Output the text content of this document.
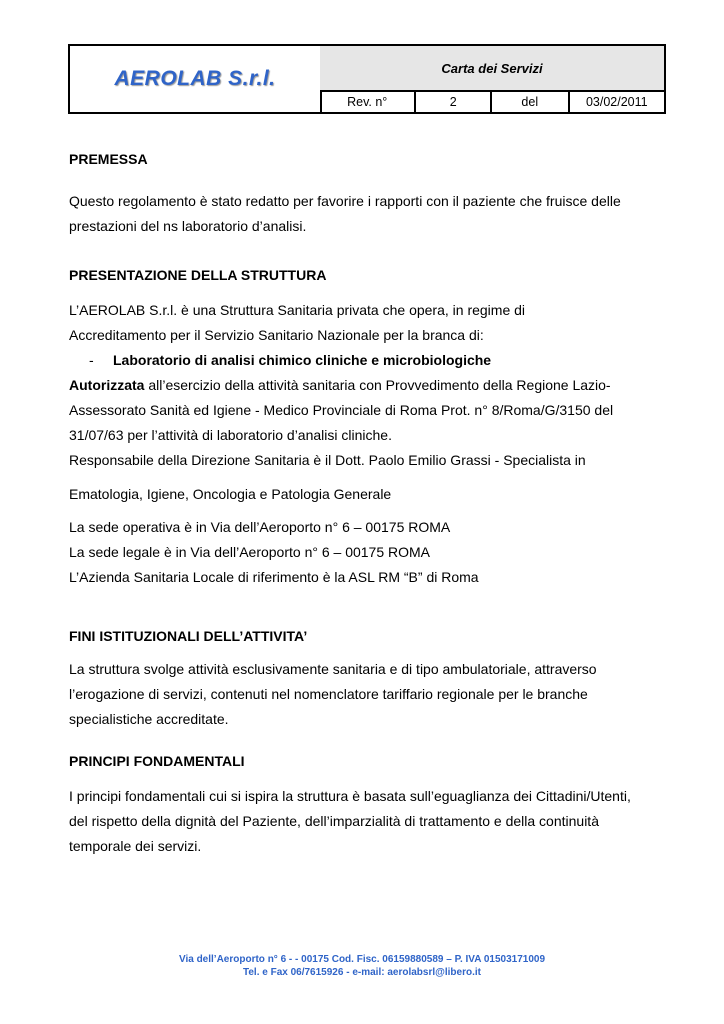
AEROLAB S.r.l.	Carta dei Servizi
Rev. n°	2	del	03/02/2011
PREMESSA
Questo regolamento è stato redatto per favorire i rapporti con il paziente che fruisce delle
prestazioni del ns laboratorio d’analisi.
PRESENTAZIONE DELLA STRUTTURA
L’AEROLAB S.r.l. è una Struttura Sanitaria privata che opera, in regime di
Accreditamento per il Servizio Sanitario Nazionale per la branca di:
- Laboratorio di analisi chimico cliniche e microbiologiche
Autorizzata all’esercizio della attività sanitaria con Provvedimento della Regione Lazio-
Assessorato Sanità ed Igiene - Medico Provinciale di Roma Prot. n° 8/Roma/G/3150 del
31/07/63 per l’attività di laboratorio d’analisi cliniche.
Responsabile della Direzione Sanitaria è il Dott. Paolo Emilio Grassi - Specialista in
Ematologia, Igiene, Oncologia e Patologia Generale
La sede operativa è in Via dell’Aeroporto n° 6 – 00175 ROMA
La sede legale è in Via dell’Aeroporto n° 6 – 00175 ROMA
L’Azienda Sanitaria Locale di riferimento è la ASL RM “B” di Roma
FINI ISTITUZIONALI DELL’ATTIVITA’
La struttura svolge attività esclusivamente sanitaria e di tipo ambulatoriale, attraverso
l’erogazione di servizi, contenuti nel nomenclatore tariffario regionale per le branche
specialistiche accreditate.
PRINCIPI FONDAMENTALI
I principi fondamentali cui si ispira la struttura è basata sull’eguaglianza dei Cittadini/Utenti,
del rispetto della dignità del Paziente, dell’imparzialità di trattamento e della continuità
temporale dei servizi.
Via dell’Aeroporto n° 6 - - 00175 Cod. Fisc. 06159880589 – P. IVA 01503171009
Tel. e Fax 06/7615926 - e-mail: aerolabsrl@libero.it
